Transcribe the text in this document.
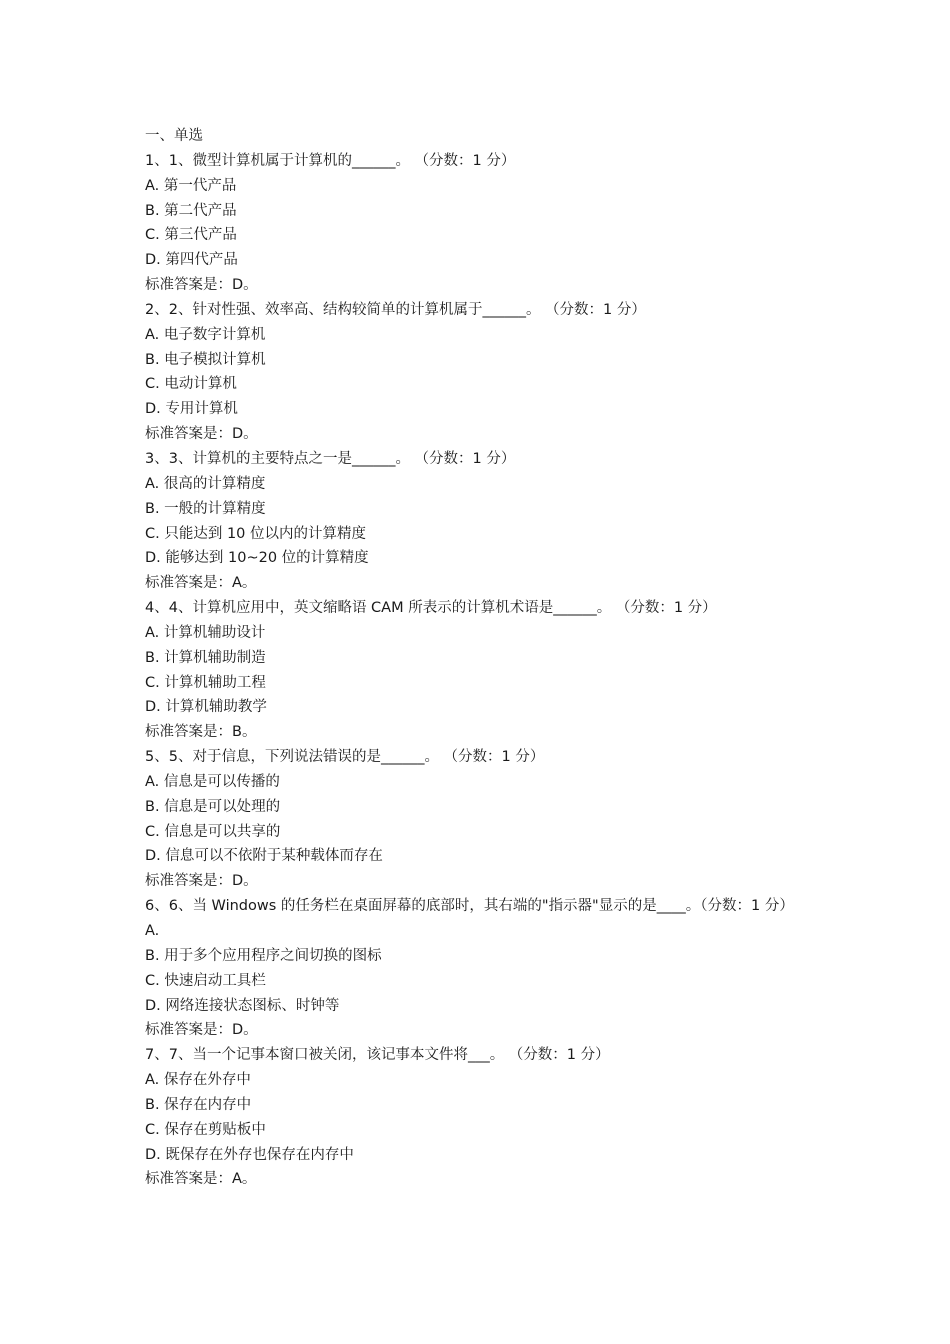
一、单选

1、1、微型计算机属于计算机的______。 （分数：1 分）

A. 第一代产品

B. 第二代产品

C. 第三代产品

D. 第四代产品

标准答案是：D。

2、2、针对性强、效率高、结构较简单的计算机属于______。 （分数：1 分）

A. 电子数字计算机

B. 电子模拟计算机

C. 电动计算机

D. 专用计算机

标准答案是：D。

3、3、计算机的主要特点之一是______。 （分数：1 分）

A. 很高的计算精度

B. 一般的计算精度

C. 只能达到 10 位以内的计算精度

D. 能够达到 10~20 位的计算精度

标准答案是：A。

4、4、计算机应用中，英文缩略语 CAM 所表示的计算机术语是______。 （分数：1 分）

A. 计算机辅助设计

B. 计算机辅助制造

C. 计算机辅助工程

D. 计算机辅助教学

标准答案是：B。

5、5、对于信息，下列说法错误的是______。 （分数：1 分）

A. 信息是可以传播的

B. 信息是可以处理的

C. 信息是可以共享的

D. 信息可以不依附于某种载体而存在

标准答案是：D。

6、6、当 Windows 的任务栏在桌面屏幕的底部时，其右端的"指示器"显示的是____。（分数：1 分）

A.

B. 用于多个应用程序之间切换的图标

C. 快速启动工具栏

D. 网络连接状态图标、时钟等

标准答案是：D。

7、7、当一个记事本窗口被关闭，该记事本文件将___。 （分数：1 分）

A. 保存在外存中

B. 保存在内存中

C. 保存在剪贴板中

D. 既保存在外存也保存在内存中

标准答案是：A。
